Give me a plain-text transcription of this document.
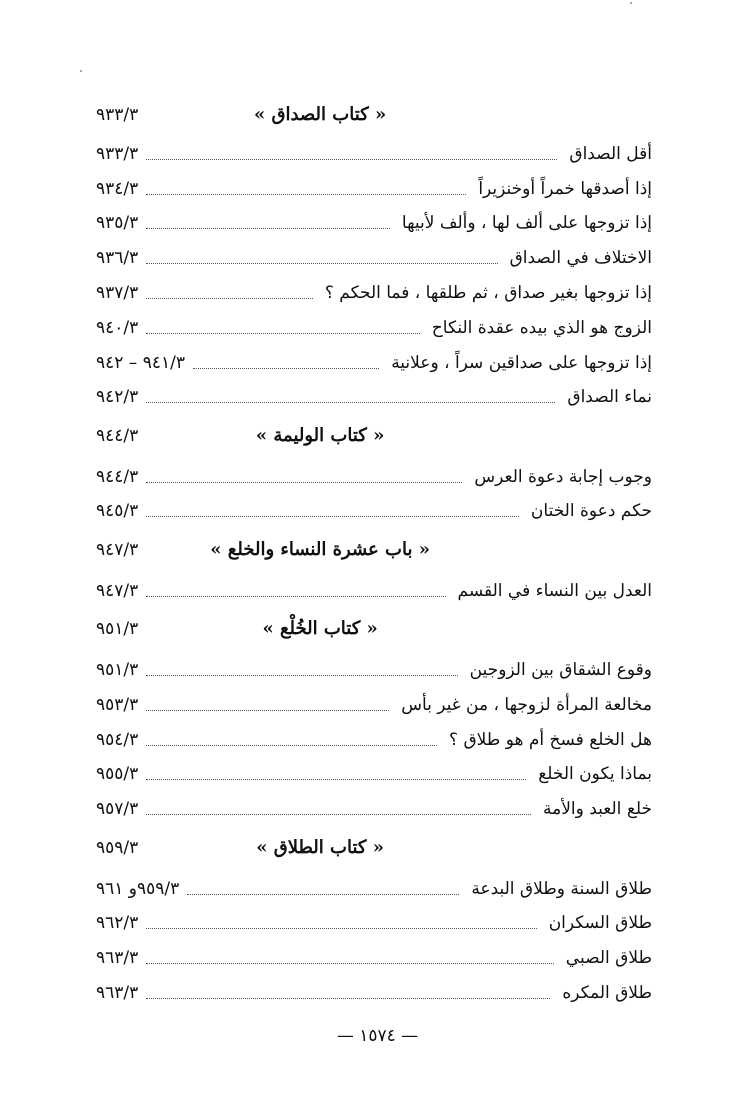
« كتاب الصداق »
٩٣٣/٣
أقل الصداق
٩٣٣/٣
إذا أصدقها خمراً أوخنزيراً
٩٣٤/٣
إذا تزوجها على ألف لها ، وألف لأبيها
٩٣٥/٣
الاختلاف في الصداق
٩٣٦/٣
إذا تزوجها بغير صداق ، ثم طلقها ، فما الحكم ؟
٩٣٧/٣
الزوج هو الذي بيده عقدة النكاح
٩٤٠/٣
إذا تزوجها على صداقين سراً ، وعلانية
٩٤١/٣ – ٩٤٢
نماء الصداق
٩٤٢/٣
« كتاب الوليمة »
٩٤٤/٣
وجوب إجابة دعوة العرس
٩٤٤/٣
حكم دعوة الختان
٩٤٥/٣
« باب عشرة النساء والخلع »
٩٤٧/٣
العدل بين النساء في القسم
٩٤٧/٣
« كتاب الخُلْع »
٩٥١/٣
وقوع الشقاق بين الزوجين
٩٥١/٣
مخالعة المرأة لزوجها ، من غير بأس
٩٥٣/٣
هل الخلع فسخ أم هو طلاق ؟
٩٥٤/٣
بماذا يكون الخلع
٩٥٥/٣
خلع العبد والأمة
٩٥٧/٣
« كتاب الطلاق »
٩٥٩/٣
طلاق السنة وطلاق البدعة
٩٥٩/٣و ٩٦١
طلاق السكران
٩٦٢/٣
طلاق الصبي
٩٦٣/٣
طلاق المكره
٩٦٣/٣
— ١٥٧٤ —
